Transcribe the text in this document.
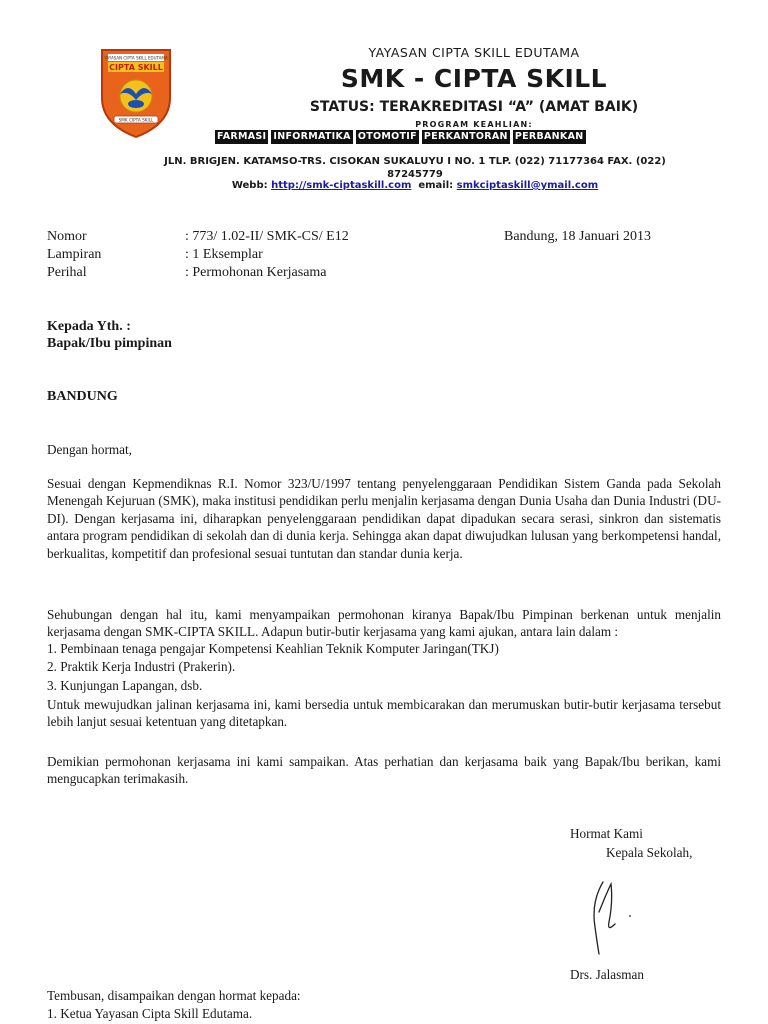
YAYASAN CIPTA SKILL EDUTAMA
CIPTA SKILL
SMK CIPTA SKILL
YAYASAN CIPTA SKILL EDUTAMA
SMK - CIPTA SKILL
STATUS: TERAKREDITASI “A” (AMAT BAIK)
PROGRAM KEAHLIAN:
FARMASI INFORMATIKA OTOMOTIF PERKANTORAN PERBANKAN
JLN. BRIGJEN. KATAMSO-TRS. CISOKAN SUKALUYU I NO. 1 TLP. (022) 71177364 FAX. (022)
87245779
Webb: http://smk-ciptaskill.com email: smkciptaskill@ymail.com
Nomor	: 773/ 1.02-II/ SMK-CS/ E12	Bandung, 18 Januari 2013
Lampiran	: 1 Eksemplar
Perihal	: Permohonan Kerjasama
Kepada Yth. :
Bapak/Ibu pimpinan
BANDUNG
Dengan hormat,
Sesuai dengan Kepmendiknas R.I. Nomor 323/U/1997 tentang penyelenggaraan Pendidikan Sistem Ganda pada Sekolah Menengah Kejuruan (SMK), maka institusi pendidikan perlu menjalin kerjasama dengan Dunia Usaha dan Dunia Industri (DU-DI). Dengan kerjasama ini, diharapkan penyelenggaraan pendidikan dapat dipadukan secara serasi, sinkron dan sistematis antara program pendidikan di sekolah dan di dunia kerja. Sehingga akan dapat diwujudkan lulusan yang berkompetensi handal, berkualitas, kompetitif dan profesional sesuai tuntutan dan standar dunia kerja.
Sehubungan dengan hal itu, kami menyampaikan permohonan kiranya Bapak/Ibu Pimpinan berkenan untuk menjalin kerjasama dengan SMK-CIPTA SKILL. Adapun butir-butir kerjasama yang kami ajukan, antara lain dalam :
1. Pembinaan tenaga pengajar Kompetensi Keahlian Teknik Komputer Jaringan(TKJ)
2. Praktik Kerja Industri (Prakerin).
3. Kunjungan Lapangan, dsb.
Untuk mewujudkan jalinan kerjasama ini, kami bersedia untuk membicarakan dan merumuskan butir-butir kerjasama tersebut lebih lanjut sesuai ketentuan yang ditetapkan.
Demikian permohonan kerjasama ini kami sampaikan. Atas perhatian dan kerjasama baik yang Bapak/Ibu berikan, kami mengucapkan terimakasih.
Hormat Kami
Kepala Sekolah,
Drs. Jalasman
Tembusan, disampaikan dengan hormat kepada:
1. Ketua Yayasan Cipta Skill Edutama.
